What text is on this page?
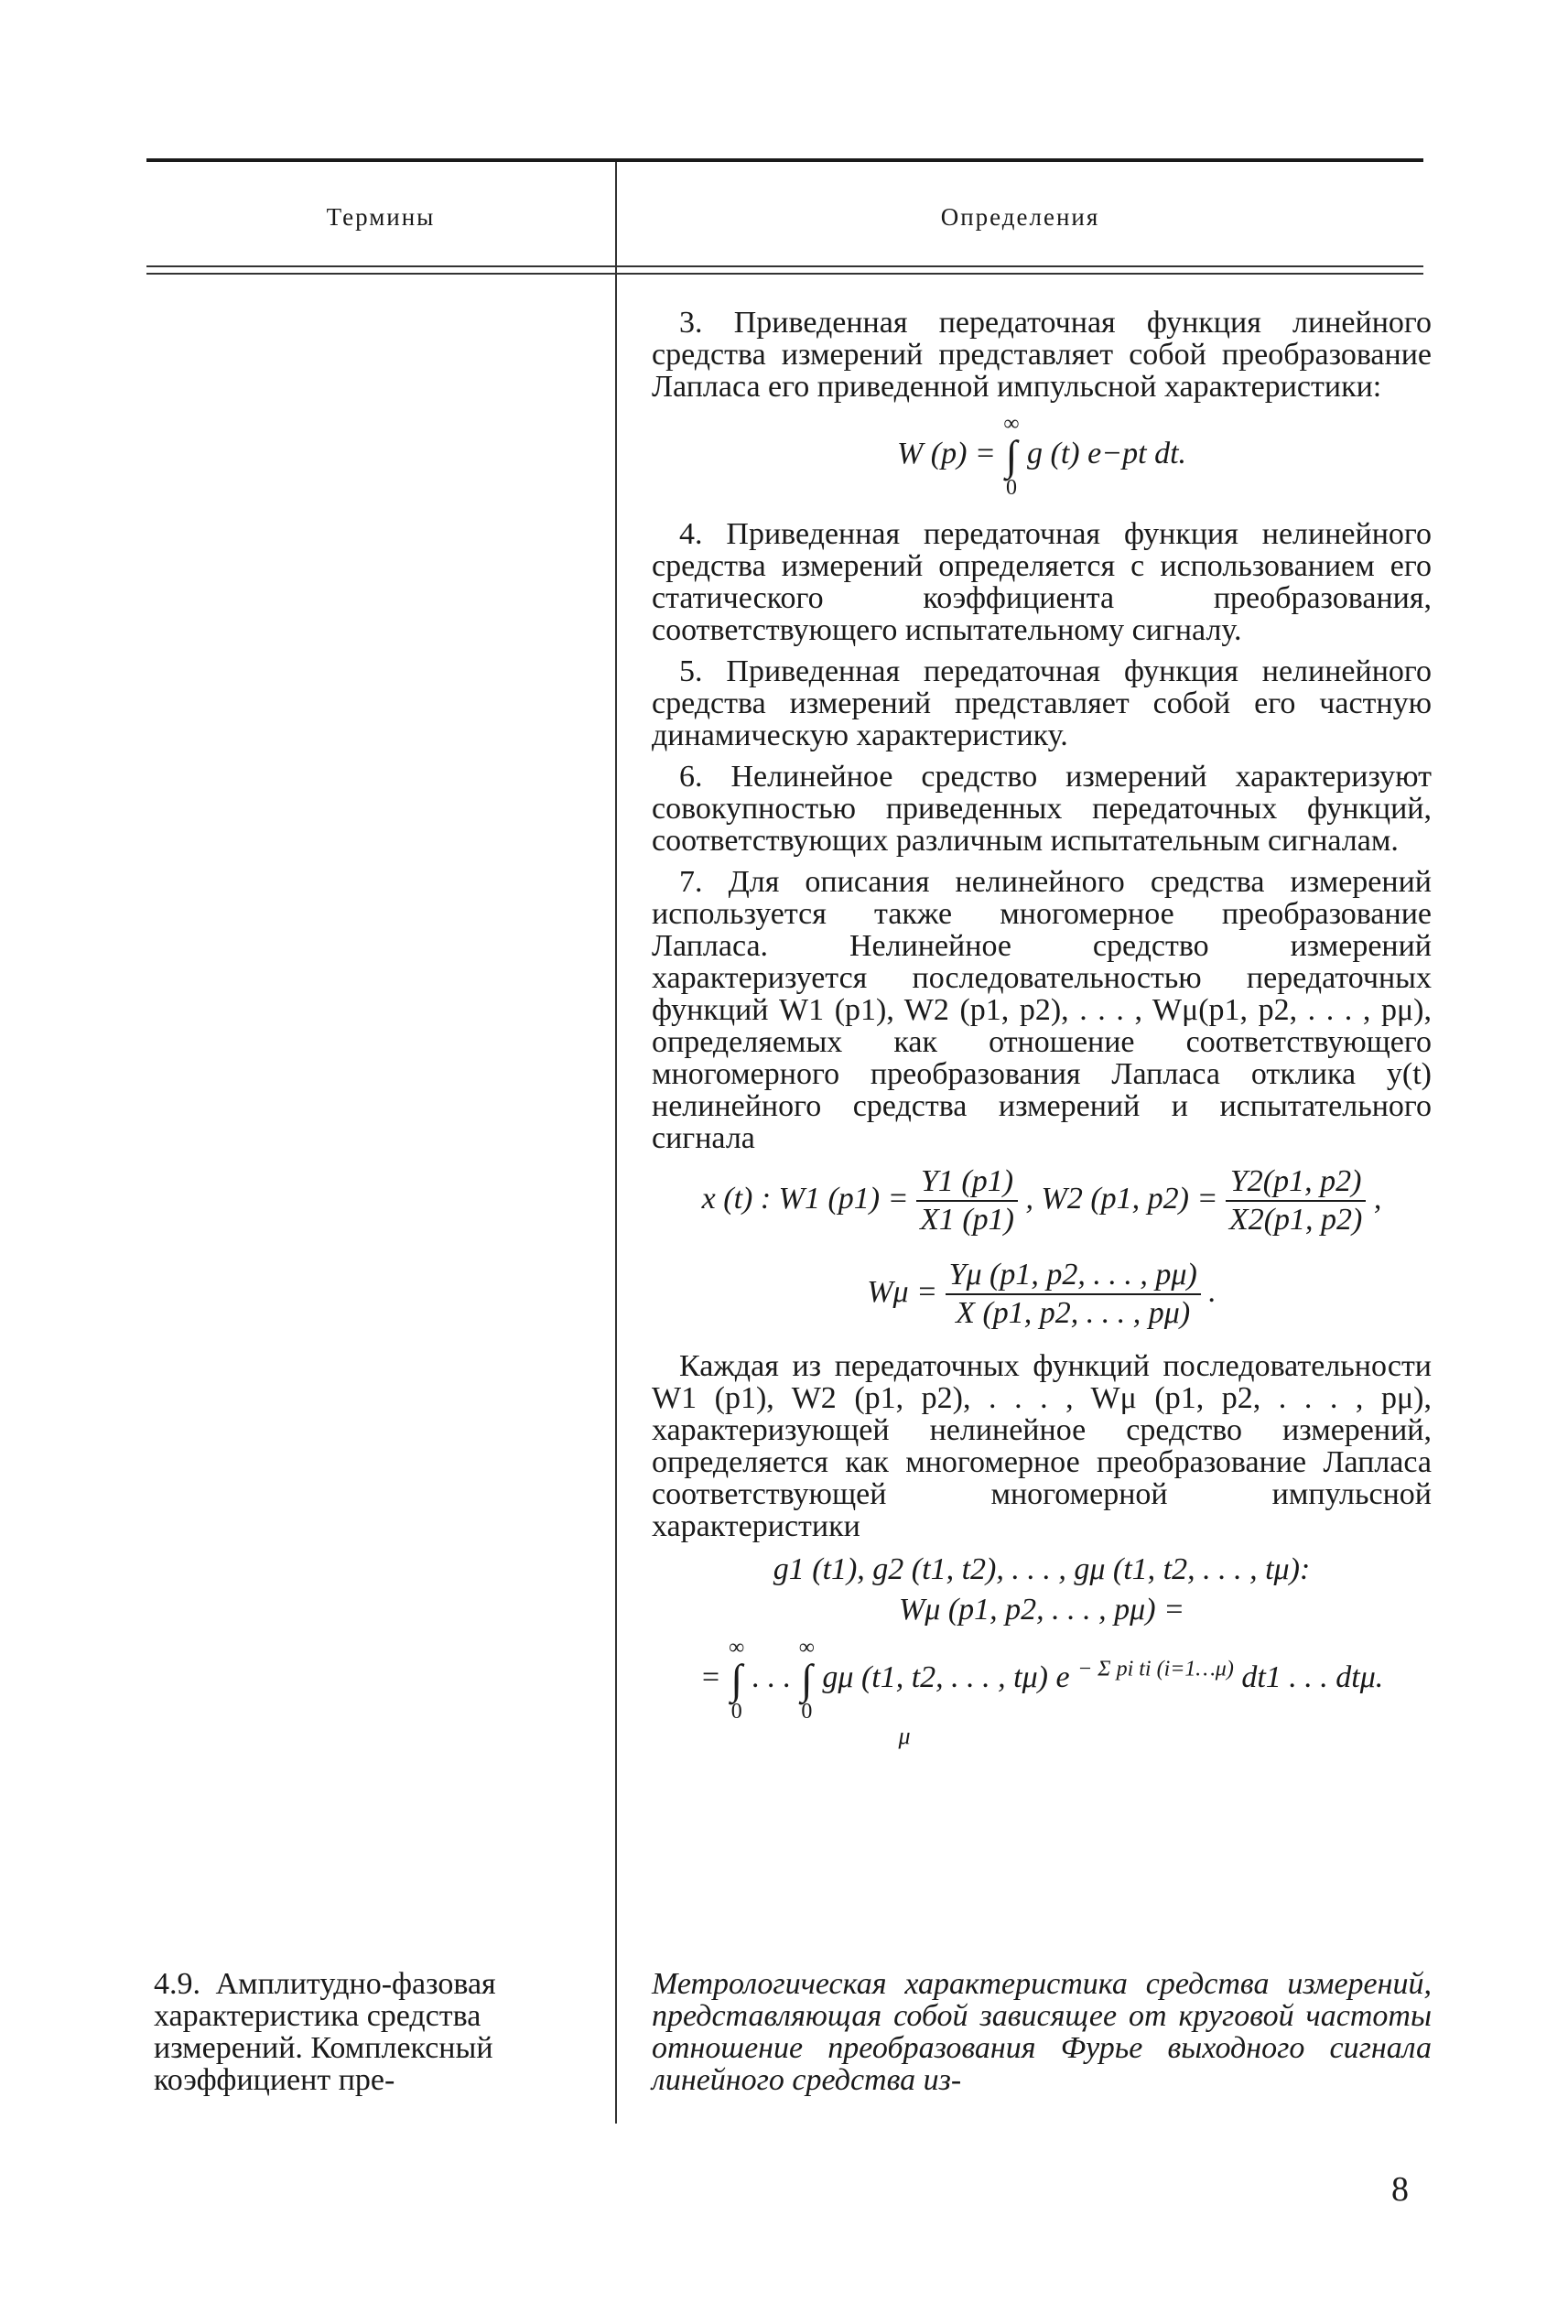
Термины	Определения

3. Приведенная передаточная функция линейного средства измерений представляет собой преобразование Лапласа его приведенной импульсной характеристики:

W (p) =
∞
∫
0
g (t) e−pt dt.

4. Приведенная передаточная функция нелинейного средства измерений определяется с использованием его статического коэффициента преобразования, соответствующего испытательному сигналу.

5. Приведенная передаточная функция нелинейного средства измерений представляет собой его частную динамическую характеристику.

6. Нелинейное средство измерений характеризуют совокупностью приведенных передаточных функций, соответствующих различным испытательным сигналам.

7. Для описания нелинейного средства измерений используется также многомерное преобразование Лапласа. Нелинейное средство измерений характеризуется последовательностью передаточных функций W1 (p1), W2 (p1, p2), . . . , Wμ(p1, p2, . . . , pμ), определяемых как отношение соответствующего многомерного преобразования Лапласа отклика y(t) нелинейного средства измерений и испытательного сигнала

x (t) : W1 $(p1) = \frac{Y1 (p1)}{X1 (p1)}$ , W2 (p1, $p2) = \frac{Y2(p1, p2)}{X2(p1, p2)}$ ,
$W\mu = \frac{Y\mu (p1, p2, . . . , p\mu)}{X (p1, p2, . . . , p\mu)}$ .

Каждая из передаточных функций последовательности W1 (p1), W2 (p1, p2), . . . , Wμ (p1, p2, . . . , pμ), характеризующей нелинейное средство измерений, определяется как многомерное преобразование Лапласа соответствующей многомерной импульсной характеристики

g1 (t1), g2 (t1, t2), . . . , gμ (t1, t2, . . . , tμ):
Wμ (p1, p2, . . . , pμ) =
=
∞
∫
0
. . .
∞
∫
0
gμ (t1, t2, . . . , tμ) e $^{- \Sigma pi ti (i=1\dots\mu)}$ dt1 . . . dtμ.
μ
4.9. Амплитудно-фазовая характеристика средства измерений. Комплексный коэффициент пре-
Метрологическая характеристика средства измерений, представляющая собой зависящее от круговой частоты отношение преобразования Фурье выходного сигнала линейного средства из-
8
